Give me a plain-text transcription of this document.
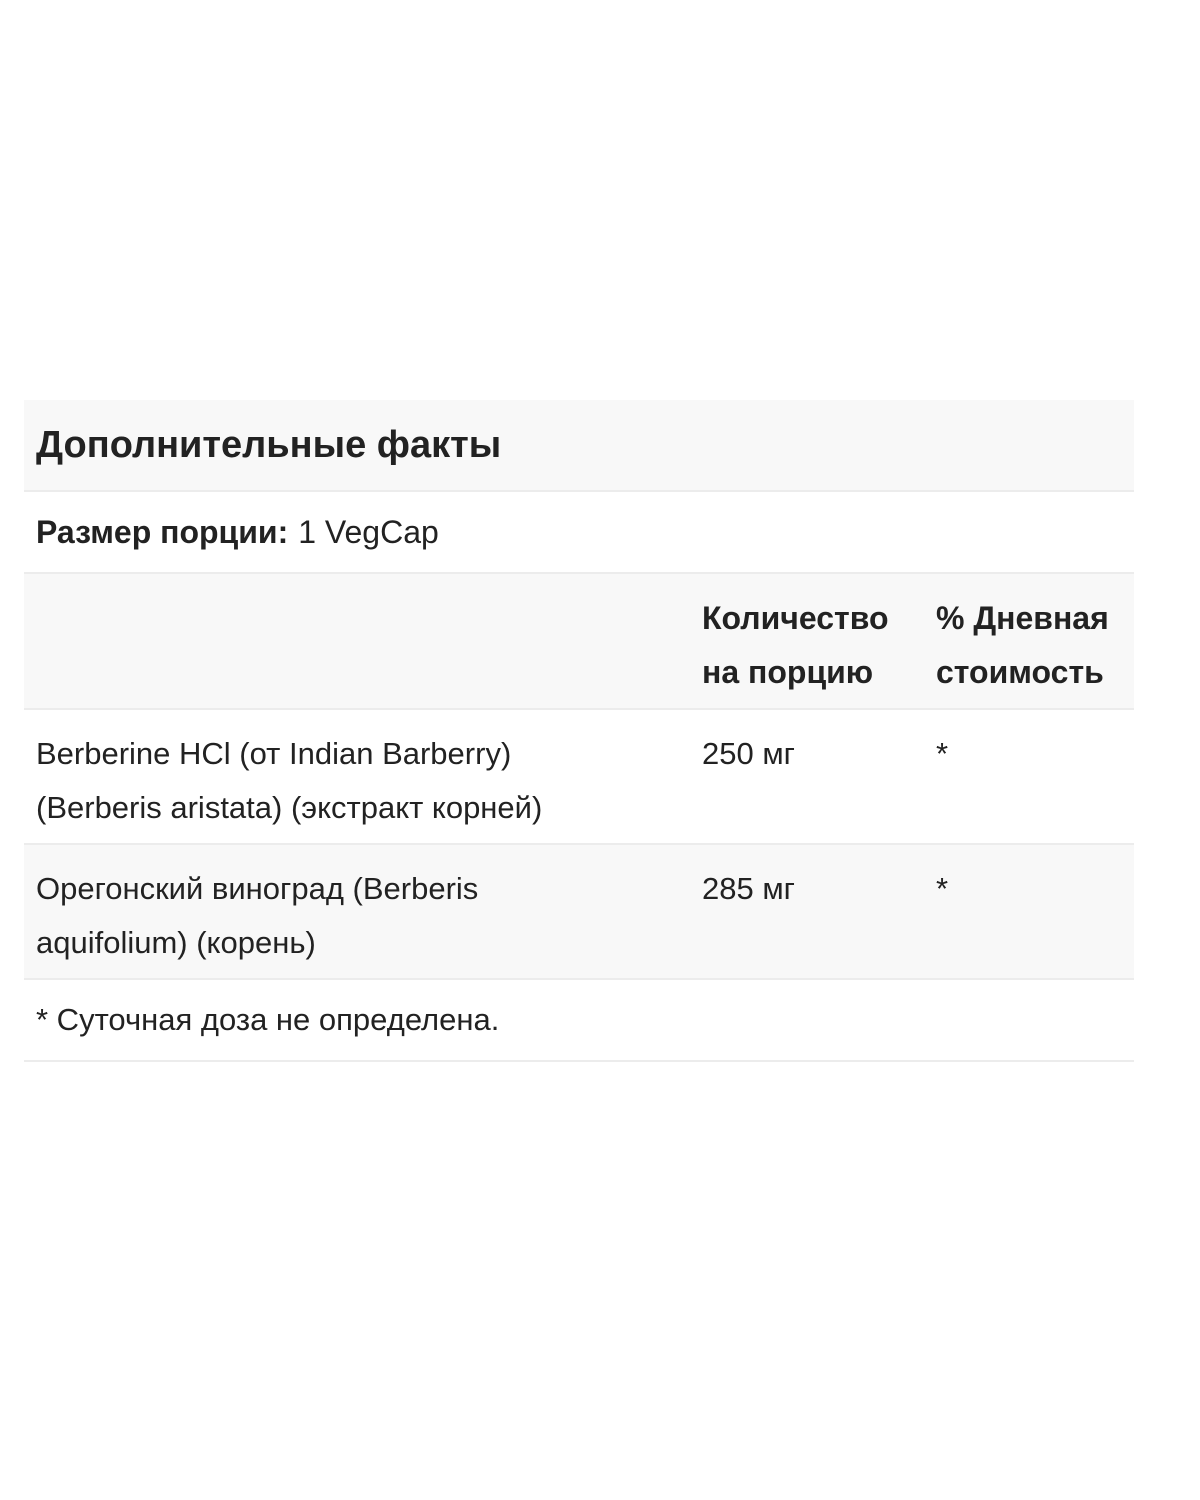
Дополнительные факты
Размер порции: 1 VegCap
Количество
на порцию
% Дневная
стоимость
Berberine HCl (от Indian Barberry)
(Berberis aristata) (экстракт корней)
250 мг	*
Орегонский виноград (Berberis
aquifolium) (корень)
285 мг	*
* Суточная доза не определена.
